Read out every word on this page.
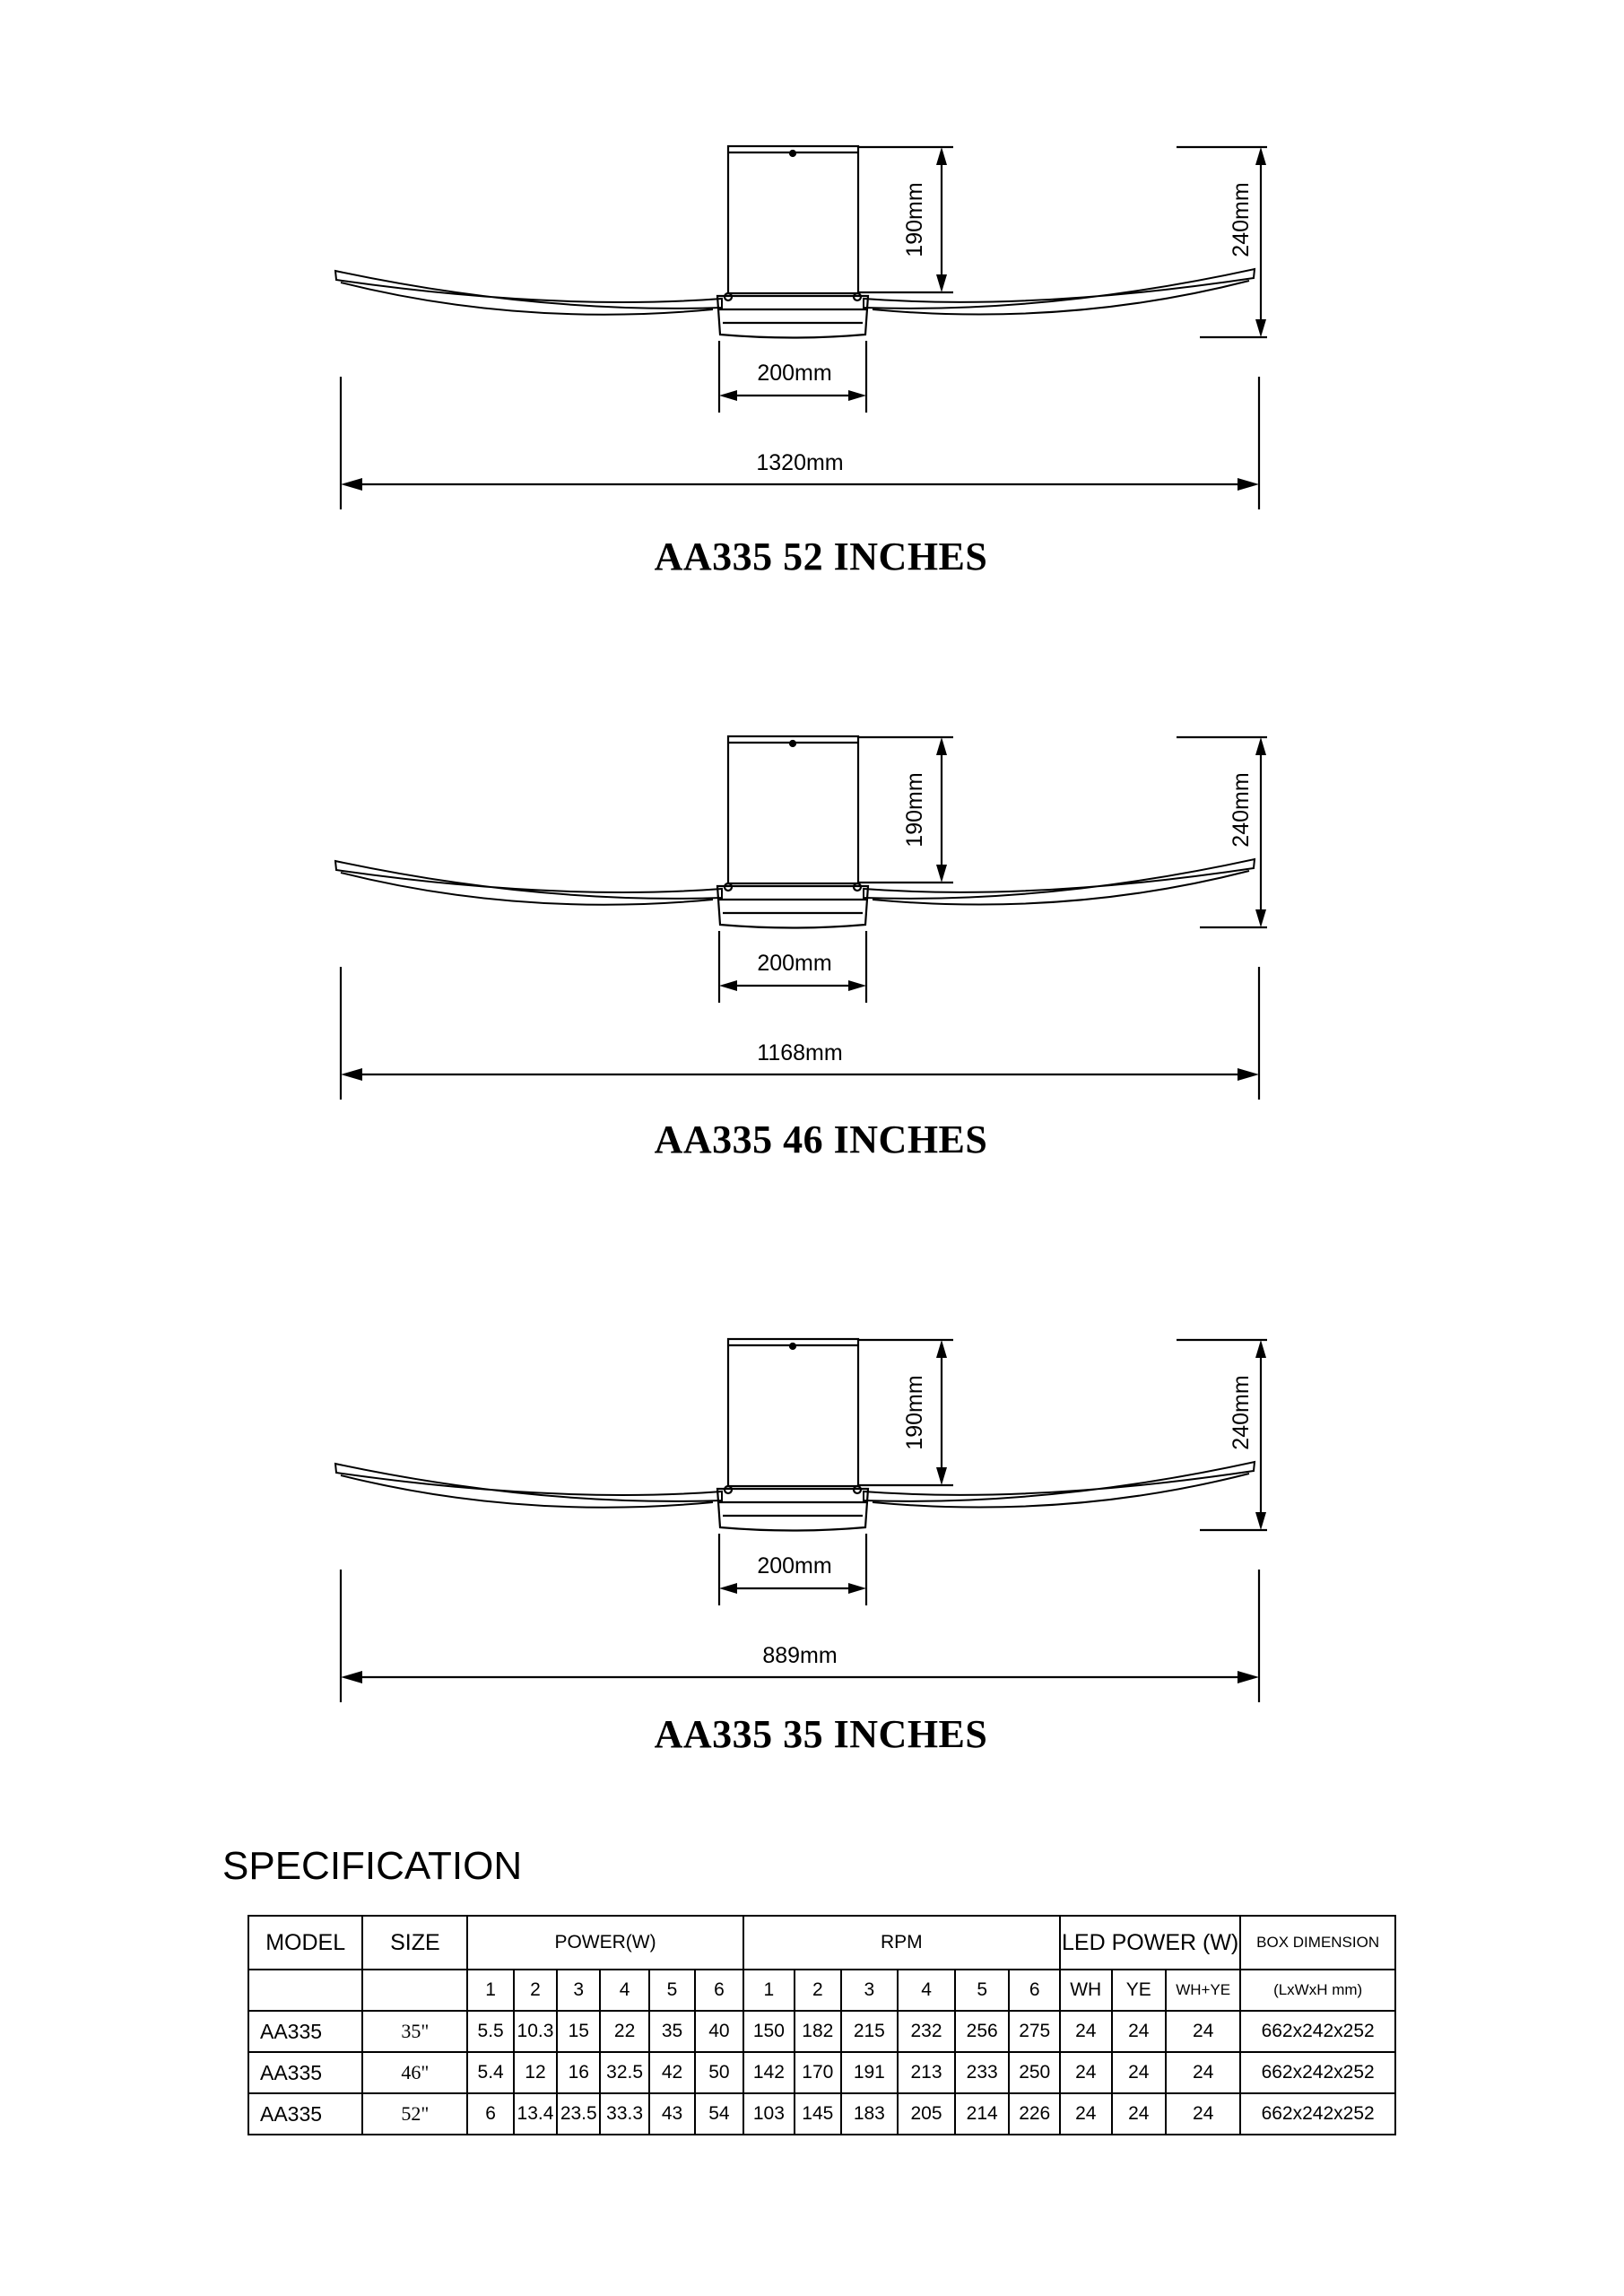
190mm	240mm
200mm
1320mm
AA335 52 INCHES
190mm	240mm
200mm
1168mm
AA335 46 INCHES
190mm	240mm
200mm
889mm
AA335 35 INCHES
SPECIFICATION
MODEL	SIZE	POWER(W)						RPM						LED POWER (W)			BOX DIMENSION
		1	2	3	4	5	6	1	2	3	4	5	6	WH	YE	WH+YE	(LxWxH mm)
AA335	35"	5.5	10.3	15	22	35	40	150	182	215	232	256	275	24	24	24	662x242x252
AA335	46"	5.4	12	16	32.5	42	50	142	170	191	213	233	250	24	24	24	662x242x252
AA335	52"	6	13.4	23.5	33.3	43	54	103	145	183	205	214	226	24	24	24	662x242x252
